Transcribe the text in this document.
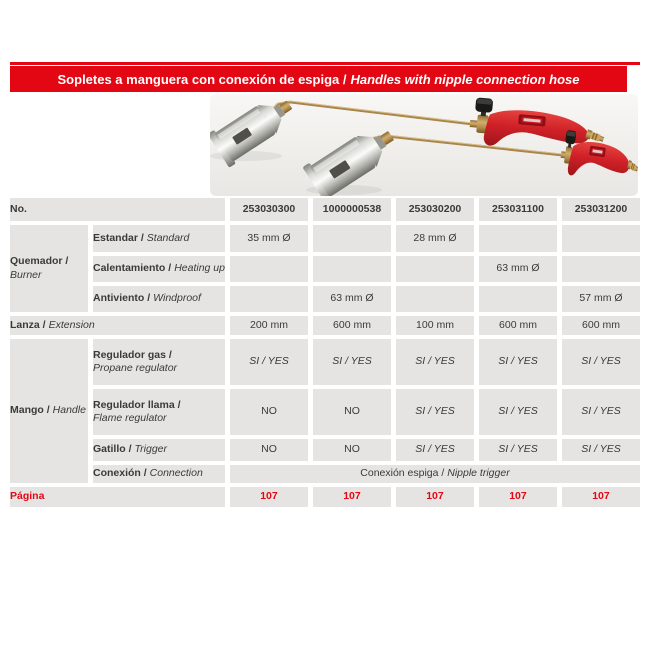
Sopletes a manguera con conexión de espiga / Handles with nipple connection hose
No.		253030300	1000000538	253030200	253031100	253031200
Quemador /
Burner	Estandar / Standard	35 mm Ø		28 mm Ø		
	Calentamiento / Heating up				63 mm Ø	
	Antiviento / Windproof		63 mm Ø			57 mm Ø
Lanza / Extension		200 mm	600 mm	100 mm	600 mm	600 mm
Mango / Handle	Regulador gas /
Propane regulator	SI / YES	SI / YES	SI / YES	SI / YES	SI / YES
	Regulador llama /
Flame regulator	NO	NO	SI / YES	SI / YES	SI / YES
	Gatillo / Trigger	NO	NO	SI / YES	SI / YES	SI / YES
	Conexión / Connection	Conexión espiga / Nipple trigger				
Página		107	107	107	107	107
